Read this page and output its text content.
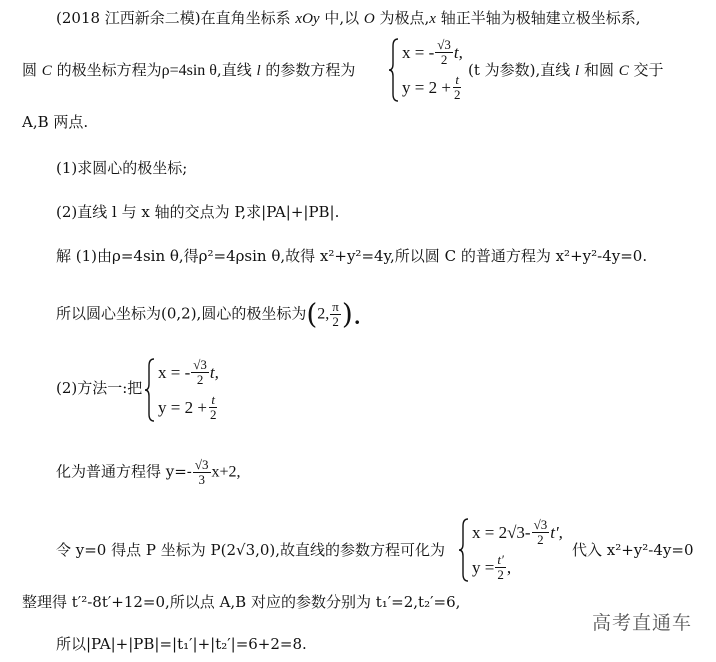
(2018 江西新余二模)在直角坐标系 xOy 中,以 O 为极点,x 轴正半轴为极轴建立极坐标系,
圆 C 的极坐标方程为ρ=4sin θ,直线 l 的参数方程为
x = - $\frac{√3}{2} t$,
$y = 2 + \frac{t}{2}$
(t 为参数),直线 l 和圆 C 交于
A,B 两点.
(1)求圆心的极坐标;
(2)直线 l 与 x 轴的交点为 P,求|PA|+|PB|.
解 (1)由ρ=4sin θ,得ρ²=4ρsin θ,故得 x²+y²=4y,所以圆 C 的普通方程为 x²+y²-4y=0.
所以圆心坐标为(0,2),圆心的极坐标为(2, $\frac{\pi}{2}$ ).
(2)方法一:把
x = - $\frac{√3}{2} t$,
$y = 2 + \frac{t}{2}$
化为普通方程得 $y=- \frac{√3}{3} x+2$,
令 y=0 得点 P 坐标为 P(2√3,0),故直线的参数方程可化为
$x = 2√3- \frac{√3}{2} t'$,
$y = \frac{t'}{2}$ ,
代入 x²+y²-4y=0
整理得 t′²-8t′+12=0,所以点 A,B 对应的参数分别为 t₁′=2,t₂′=6,
所以|PA|+|PB|=|t₁′|+|t₂′|=6+2=8.
高考直通车
